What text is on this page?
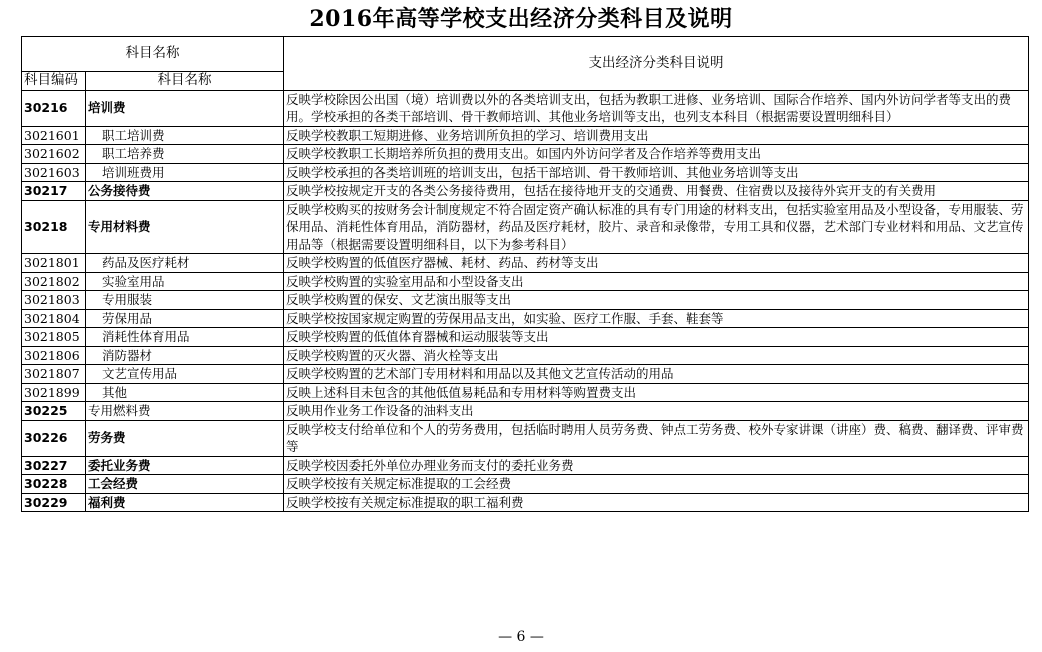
2016年高等学校支出经济分类科目及说明
科目名称		支出经济分类科目说明
科目编码	科目名称	
30216	培训费	反映学校除因公出国（境）培训费以外的各类培训支出，包括为教职工进修、业务培训、国际合作培养、国内外访问学者等支出的费用。学校承担的各类干部培训、骨干教师培训、其他业务培训等支出，也列支本科目（根据需要设置明细科目）
3021601	职工培训费	反映学校教职工短期进修、业务培训所负担的学习、培训费用支出
3021602	职工培养费	反映学校教职工长期培养所负担的费用支出。如国内外访问学者及合作培养等费用支出
3021603	培训班费用	反映学校承担的各类培训班的培训支出，包括干部培训、骨干教师培训、其他业务培训等支出
30217	公务接待费	反映学校按规定开支的各类公务接待费用，包括在接待地开支的交通费、用餐费、住宿费以及接待外宾开支的有关费用
30218	专用材料费	反映学校购买的按财务会计制度规定不符合固定资产确认标准的具有专门用途的材料支出，包括实验室用品及小型设备，专用服装、劳保用品、消耗性体育用品，消防器材，药品及医疗耗材，胶片、录音和录像带，专用工具和仪器，艺术部门专业材料和用品、文艺宣传用品等（根据需要设置明细科目，以下为参考科目）
3021801	药品及医疗耗材	反映学校购置的低值医疗器械、耗材、药品、药材等支出
3021802	实验室用品	反映学校购置的实验室用品和小型设备支出
3021803	专用服装	反映学校购置的保安、文艺演出服等支出
3021804	劳保用品	反映学校按国家规定购置的劳保用品支出，如实验、医疗工作服、手套、鞋套等
3021805	消耗性体育用品	反映学校购置的低值体育器械和运动服装等支出
3021806	消防器材	反映学校购置的灭火器、消火栓等支出
3021807	文艺宣传用品	反映学校购置的艺术部门专用材料和用品以及其他文艺宣传活动的用品
3021899	其他	反映上述科目未包含的其他低值易耗品和专用材料等购置费支出
30225	专用燃料费	反映用作业务工作设备的油料支出
30226	劳务费	反映学校支付给单位和个人的劳务费用，包括临时聘用人员劳务费、钟点工劳务费、校外专家讲课（讲座）费、稿费、翻译费、评审费等
30227	委托业务费	反映学校因委托外单位办理业务而支付的委托业务费
30228	工会经费	反映学校按有关规定标准提取的工会经费
30229	福利费	反映学校按有关规定标准提取的职工福利费
— 6 —
